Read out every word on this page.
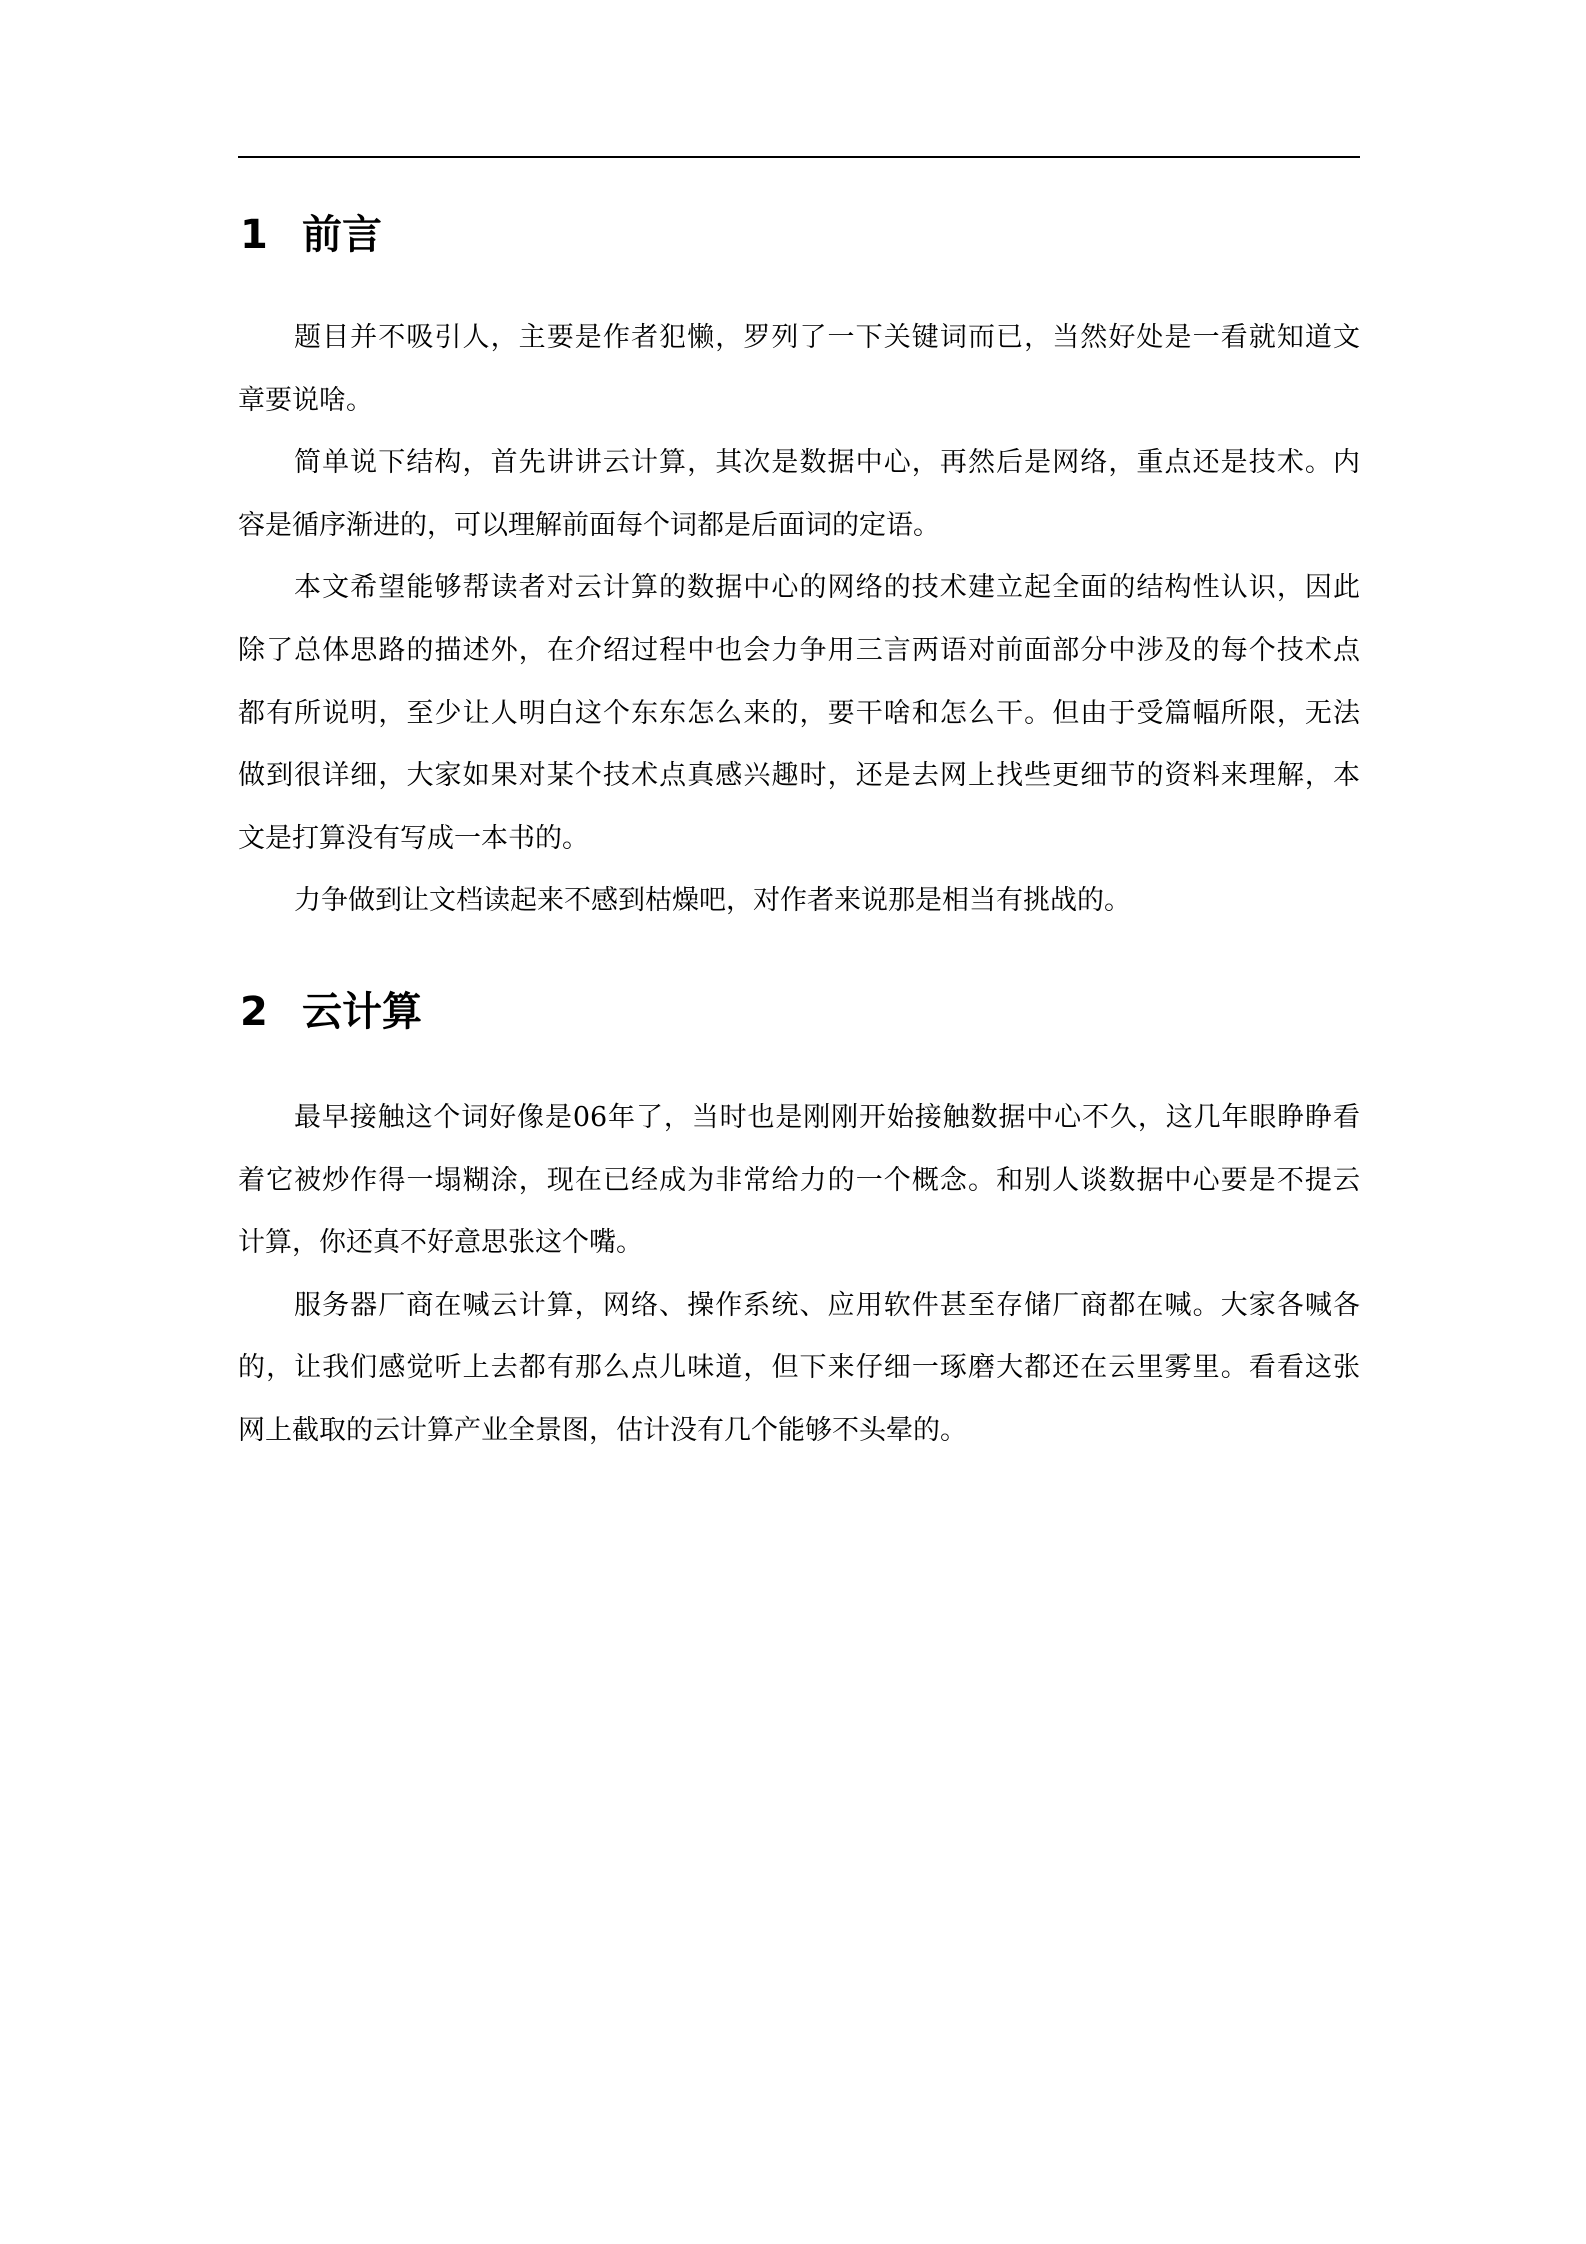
1 前言
题目并不吸引人，主要是作者犯懒，罗列了一下关键词而已，当然好处是一看就知道文
章要说啥。
简单说下结构，首先讲讲云计算，其次是数据中心，再然后是网络，重点还是技术。内
容是循序渐进的，可以理解前面每个词都是后面词的定语。
本文希望能够帮读者对云计算的数据中心的网络的技术建立起全面的结构性认识，因此
除了总体思路的描述外，在介绍过程中也会力争用三言两语对前面部分中涉及的每个技术点
都有所说明，至少让人明白这个东东怎么来的，要干啥和怎么干。但由于受篇幅所限，无法
做到很详细，大家如果对某个技术点真感兴趣时，还是去网上找些更细节的资料来理解，本
文是打算没有写成一本书的。
力争做到让文档读起来不感到枯燥吧，对作者来说那是相当有挑战的。
2 云计算
最早接触这个词好像是06年了，当时也是刚刚开始接触数据中心不久，这几年眼睁睁看
着它被炒作得一塌糊涂，现在已经成为非常给力的一个概念。和别人谈数据中心要是不提云
计算，你还真不好意思张这个嘴。
服务器厂商在喊云计算，网络、操作系统、应用软件甚至存储厂商都在喊。大家各喊各
的，让我们感觉听上去都有那么点儿味道，但下来仔细一琢磨大都还在云里雾里。看看这张
网上截取的云计算产业全景图，估计没有几个能够不头晕的。
